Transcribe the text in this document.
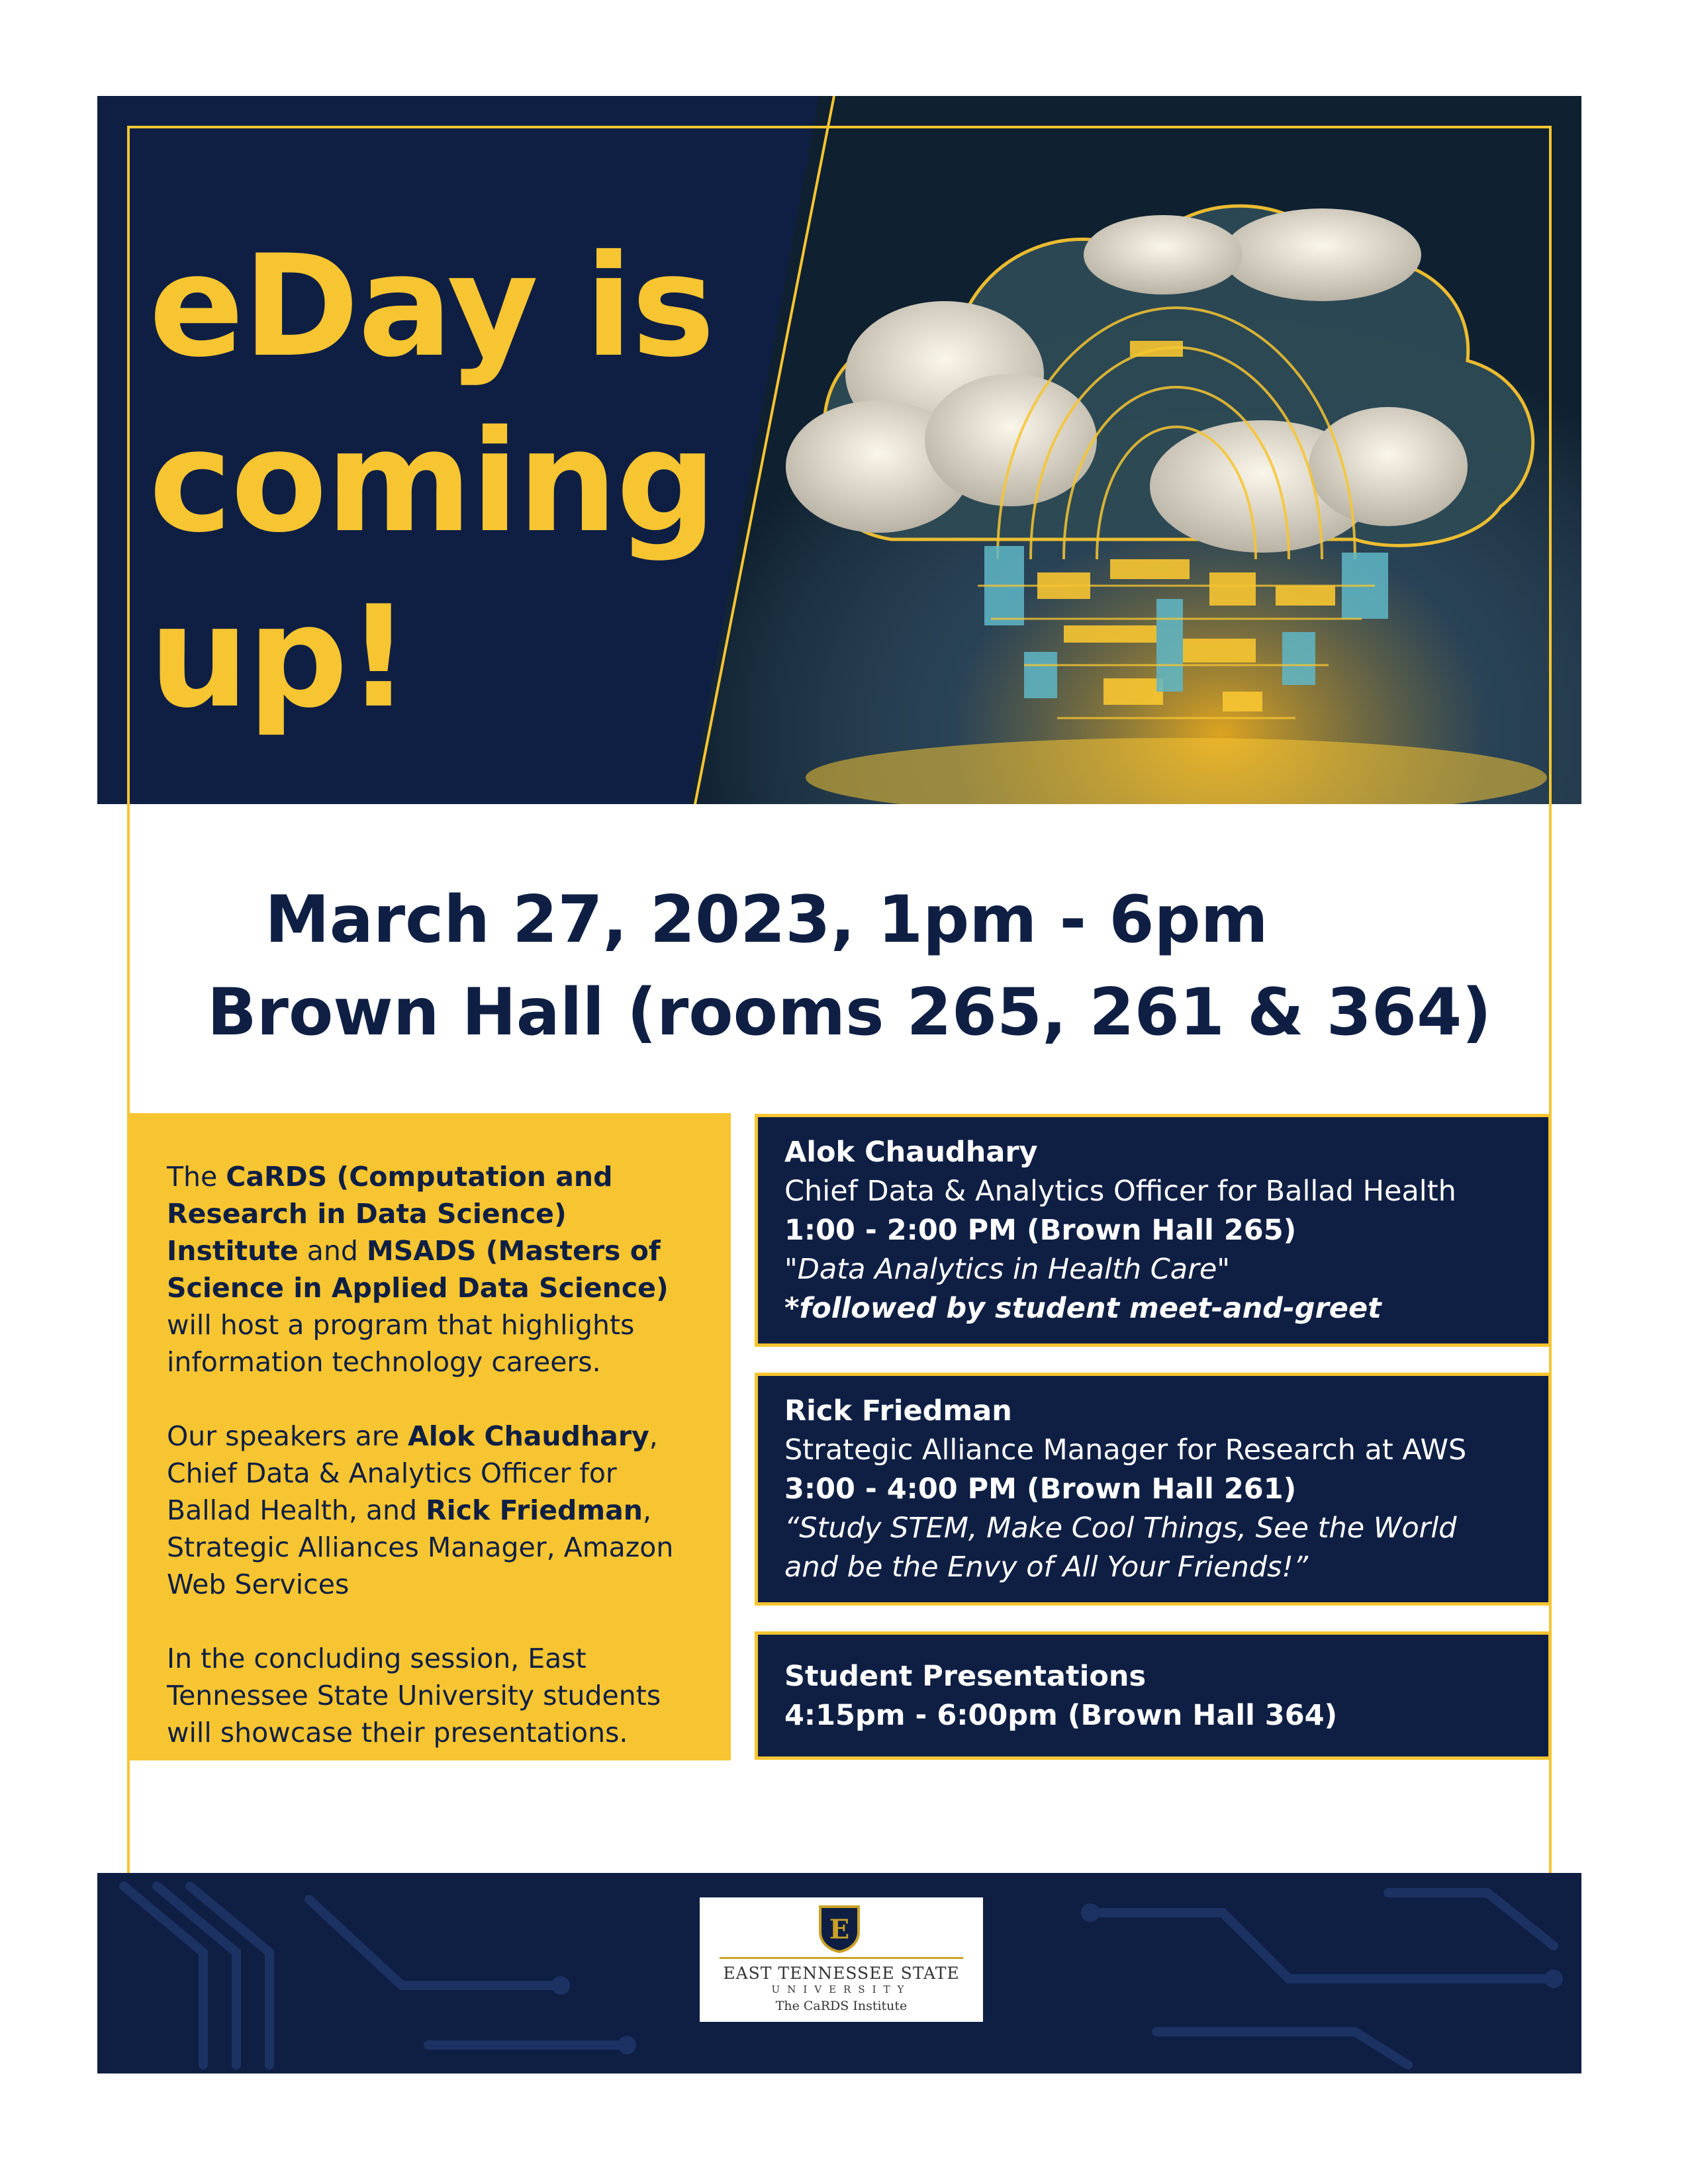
eDay is
coming
up!
March 27, 2023, 1pm - 6pm
Brown Hall (rooms 265, 261 & 364)

The CaRDS (Computation and Research in Data Science) Institute and MSADS (Masters of Science in Applied Data Science) will host a program that highlights information technology careers.

Our speakers are Alok Chaudhary, Chief Data & Analytics Officer for Ballad Health, and Rick Friedman, Strategic Alliances Manager, Amazon Web Services

In the concluding session, East Tennessee State University students will showcase their presentations.

Alok Chaudhary
Chief Data & Analytics Officer for Ballad Health
1:00 - 2:00 PM (Brown Hall 265)
"Data Analytics in Health Care"
*followed by student meet-and-greet
Rick Friedman
Strategic Alliance Manager for Research at AWS
3:00 - 4:00 PM (Brown Hall 261)
“Study STEM, Make Cool Things, See the World
and be the Envy of All Your Friends!”
Student Presentations
4:15pm - 6:00pm (Brown Hall 364)
E
EAST TENNESSEE STATE
UNIVERSITY
The CaRDS Institute
